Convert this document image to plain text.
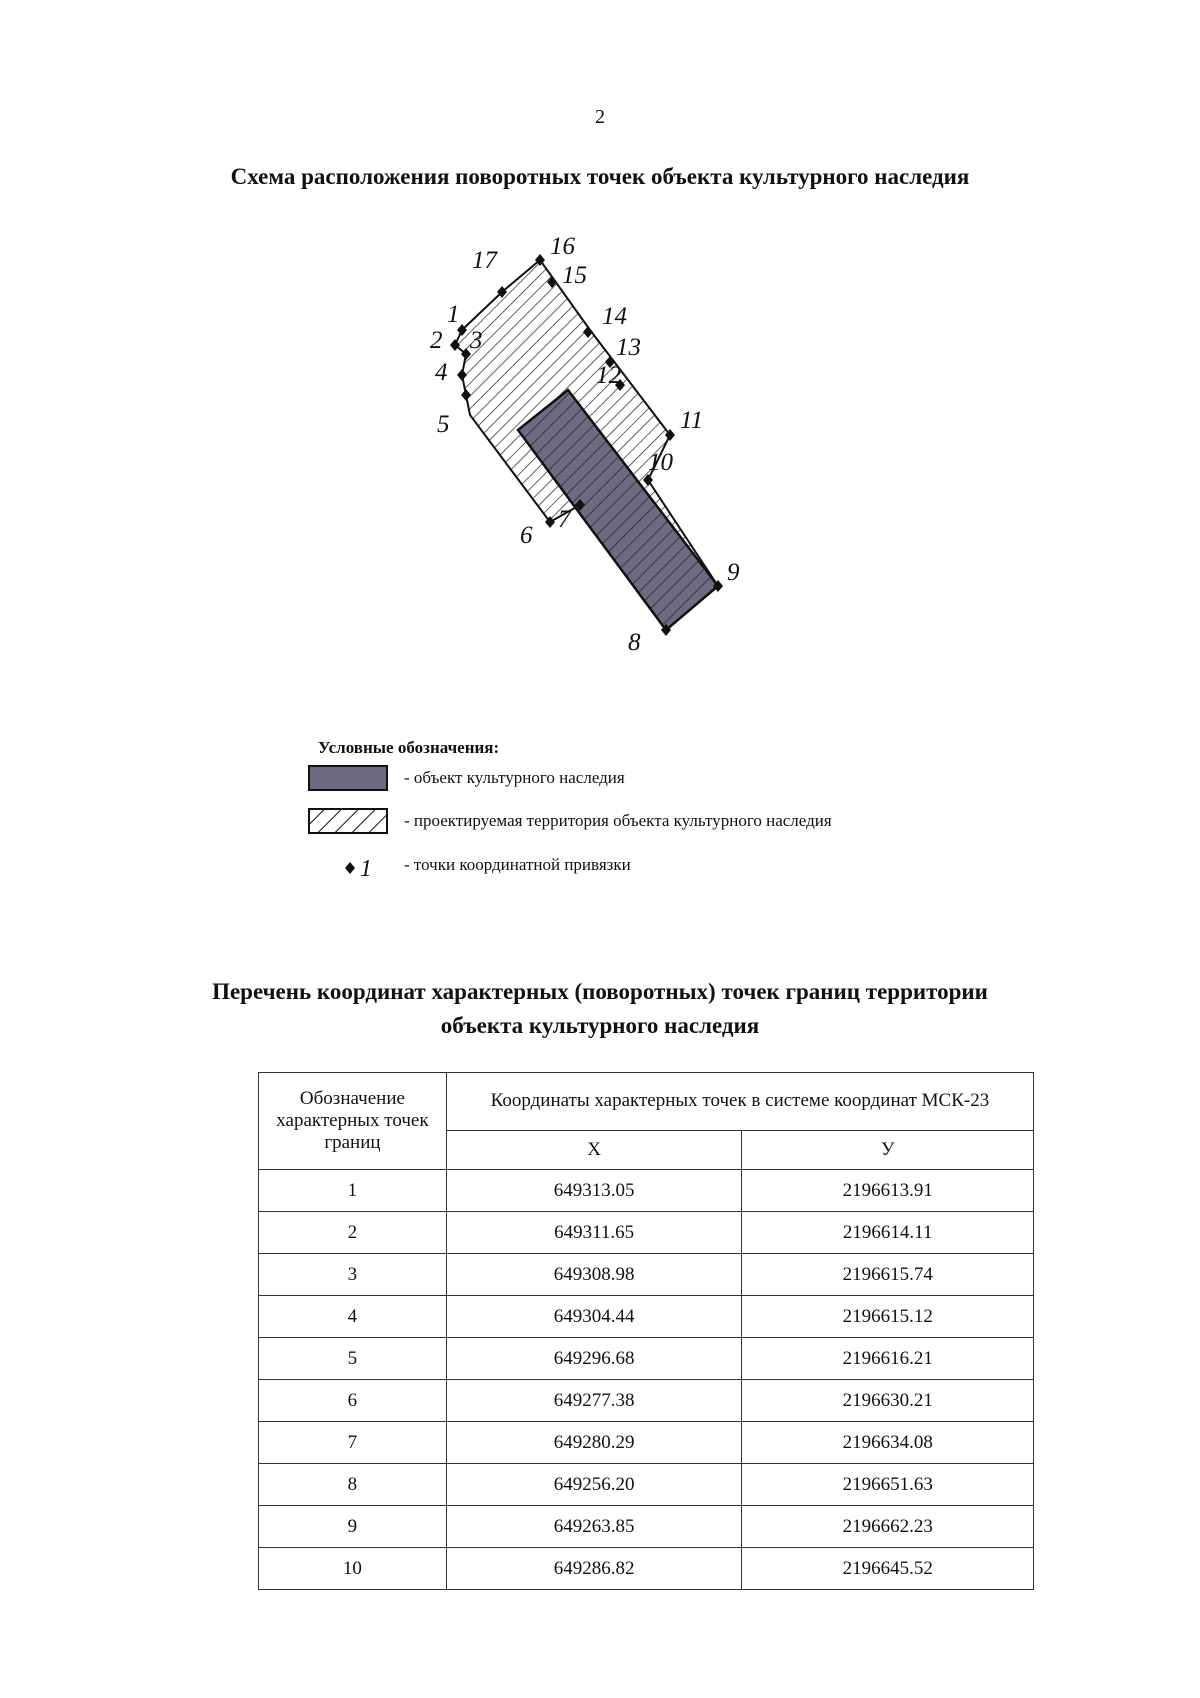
2
Схема расположения поворотных точек объекта культурного наследия
1
2 3
4
5
6
7
8
9
10
11
12
13
14
15
16
17
Условные обозначения:
- объект культурного наследия
- проектируемая территория объекта культурного наследия
1 - точки координатной привязки
Перечень координат характерных (поворотных) точек границ территории
объекта культурного наследия
Обозначение характерных точек границ	Координаты характерных точек в системе координат МСК-23	
	Х	У
1	649313.05	2196613.91
2	649311.65	2196614.11
3	649308.98	2196615.74
4	649304.44	2196615.12
5	649296.68	2196616.21
6	649277.38	2196630.21
7	649280.29	2196634.08
8	649256.20	2196651.63
9	649263.85	2196662.23
10	649286.82	2196645.52
